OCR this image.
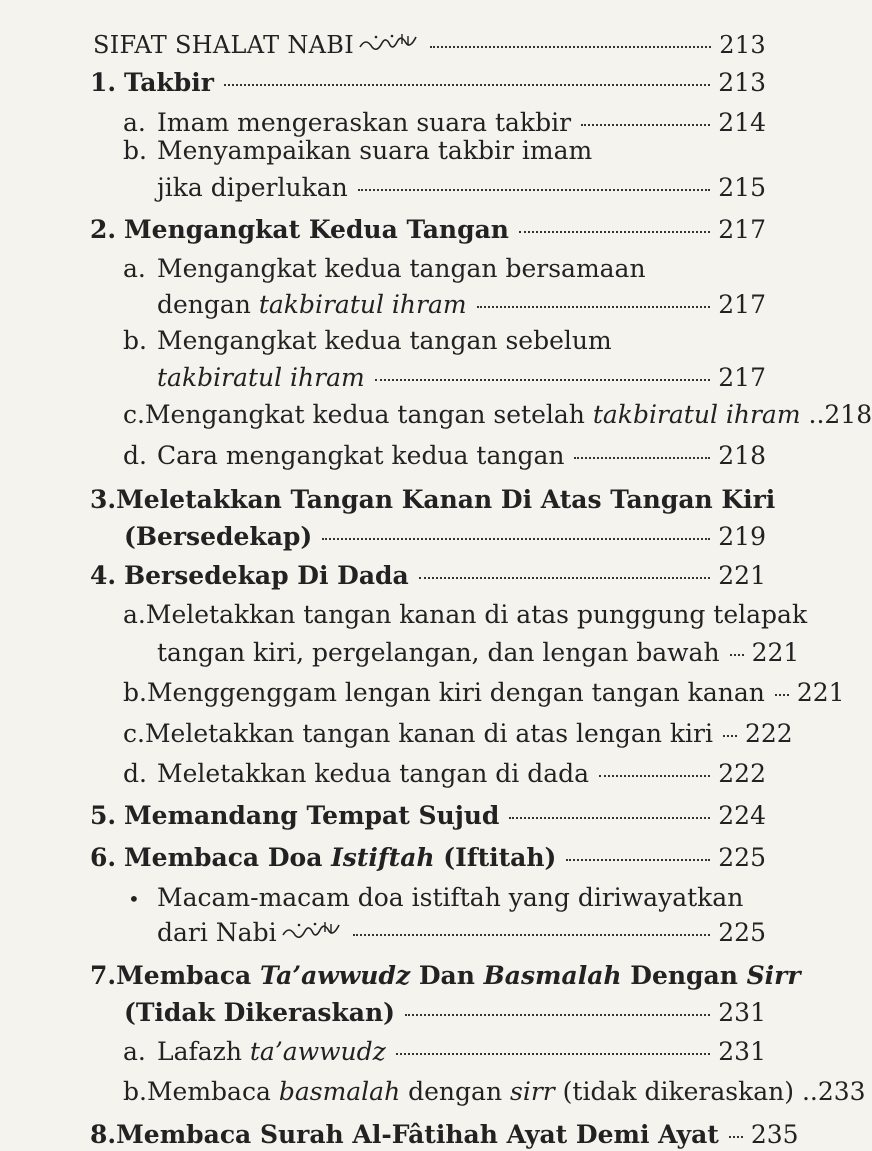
SIFAT SHALAT NABI	213
1. Takbir	213
a. Imam mengeraskan suara takbir	214
b. Menyampaikan suara takbir imam
jika diperlukan	215
2. Mengangkat Kedua Tangan	217
a. Mengangkat kedua tangan bersamaan
dengan takbiratul ihram	217
b. Mengangkat kedua tangan sebelum
takbiratul ihram	217
c. Mengangkat kedua tangan setelah takbiratul ihram .. 218
d. Cara mengangkat kedua tangan	218
3. Meletakkan Tangan Kanan Di Atas Tangan Kiri
(Bersedekap)	219
4. Bersedekap Di Dada	221
a. Meletakkan tangan kanan di atas punggung telapak
tangan kiri, pergelangan, dan lengan bawah 221
b. Menggenggam lengan kiri dengan tangan kanan 221
c. Meletakkan tangan kanan di atas lengan kiri 222
d. Meletakkan kedua tangan di dada	222
5. Memandang Tempat Sujud	224
6. Membaca Doa Istiftah (Iftitah)	225
• Macam-macam doa istiftah yang diriwayatkan
dari Nabi	225
7. Membaca Ta’awwudz Dan Basmalah Dengan Sirr
(Tidak Dikeraskan)	231
a. Lafazh ta’awwudz	231
b. Membaca basmalah dengan sirr (tidak dikeraskan) .. 233
8. Membaca Surah Al-Fâtihah Ayat Demi Ayat 235
